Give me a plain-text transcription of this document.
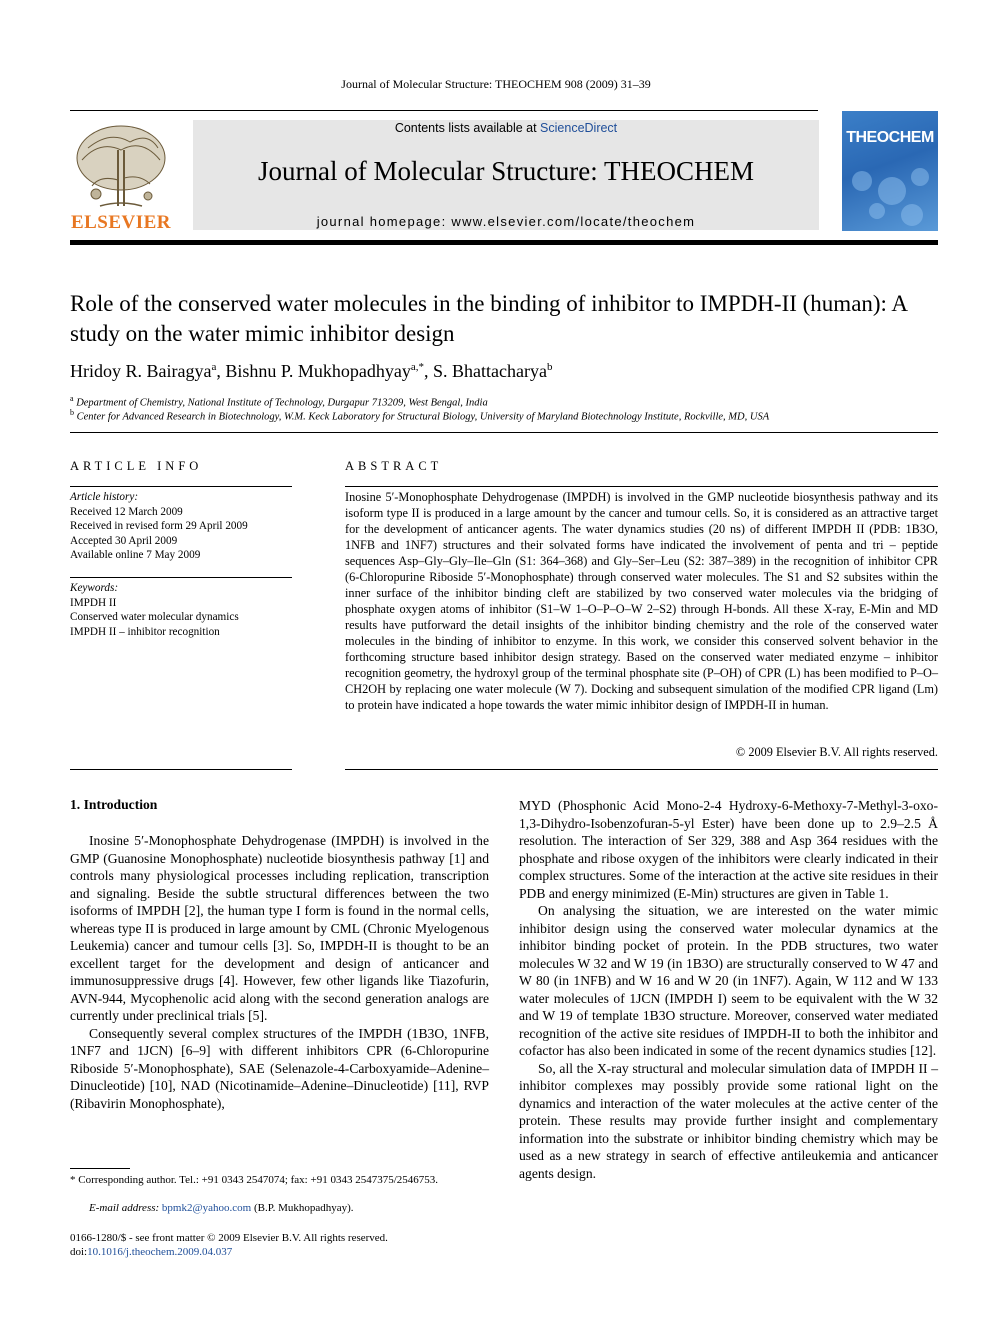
Journal of Molecular Structure: THEOCHEM 908 (2009) 31–39
ELSEVIER
Contents lists available at ScienceDirect
Journal of Molecular Structure: THEOCHEM
journal homepage: www.elsevier.com/locate/theochem
THEOCHEM
Role of the conserved water molecules in the binding of inhibitor to IMPDH-II (human): A study on the water mimic inhibitor design
Hridoy R. Bairagya$^a$, Bishnu P. Mukhopadhyay$^{a,*}$, S. Bhattacharya$^b$
$^a$ Department of Chemistry, National Institute of Technology, Durgapur 713209, West Bengal, India
$^b$ Center for Advanced Research in Biotechnology, W.M. Keck Laboratory for Structural Biology, University of Maryland Biotechnology Institute, Rockville, MD, USA
ARTICLE INFO
Article history:
Received 12 March 2009
Received in revised form 29 April 2009
Accepted 30 April 2009
Available online 7 May 2009
Keywords:
IMPDH II
Conserved water molecular dynamics
IMPDH II – inhibitor recognition
ABSTRACT
Inosine 5′-Monophosphate Dehydrogenase (IMPDH) is involved in the GMP nucleotide biosynthesis pathway and its isoform type II is produced in a large amount by the cancer and tumour cells. So, it is considered as an attractive target for the development of anticancer agents. The water dynamics studies (20 ns) of different IMPDH II (PDB: 1B3O, 1NFB and 1NF7) structures and their solvated forms have indicated the involvement of penta and tri – peptide sequences Asp–Gly–Gly–Ile–Gln (S1: 364–368) and Gly–Ser–Leu (S2: 387–389) in the recognition of inhibitor CPR (6-Chloropurine Riboside 5′-Monophosphate) through conserved water molecules. The S1 and S2 subsites within the inner surface of the inhibitor binding cleft are stabilized by two conserved water molecules via the bridging of phosphate oxygen atoms of inhibitor (S1–W 1–O–P–O–W 2–S2) through H-bonds. All these X-ray, E-Min and MD results have putforward the detail insights of the inhibitor binding chemistry and the role of the conserved water molecules in the binding of inhibitor to enzyme. In this work, we consider this conserved solvent behavior in the forthcoming structure based inhibitor design strategy. Based on the conserved water mediated enzyme – inhibitor recognition geometry, the hydroxyl group of the terminal phosphate site (P–OH) of CPR (L) has been modified to P–O–CH2OH by replacing one water molecule (W 7). Docking and subsequent simulation of the modified CPR ligand (Lm) to protein have indicated a hope towards the water mimic inhibitor design of IMPDH-II in human.
© 2009 Elsevier B.V. All rights reserved.
1. Introduction

Inosine 5′-Monophosphate Dehydrogenase (IMPDH) is involved in the GMP (Guanosine Monophosphate) nucleotide biosynthesis pathway [1] and controls many physiological processes including replication, transcription and signaling. Beside the subtle structural differences between the two isoforms of IMPDH [2], the human type I form is found in the normal cells, whereas type II is produced in large amount by CML (Chronic Myelogenous Leukemia) cancer and tumour cells [3]. So, IMPDH-II is thought to be an excellent target for the development and design of anticancer and immunosuppressive drugs [4]. However, few other ligands like Tiazofurin, AVN-944, Mycophenolic acid along with the second generation analogs are currently under preclinical trials [5].

Consequently several complex structures of the IMPDH (1B3O, 1NFB, 1NF7 and 1JCN) [6–9] with different inhibitors CPR (6-Chloropurine Riboside 5′-Monophosphate), SAE (Selenazole-4-Carboxyamide–Adenine–Dinucleotide) [10], NAD (Nicotinamide–Adenine–Dinucleotide) [11], RVP (Ribavirin Monophosphate),

MYD (Phosphonic Acid Mono-2-4 Hydroxy-6-Methoxy-7-Methyl-3-oxo-1,3-Dihydro-Isobenzofuran-5-yl Ester) have been done up to 2.9–2.5 Å resolution. The interaction of Ser 329, 388 and Asp 364 residues with the phosphate and ribose oxygen of the inhibitors were clearly indicated in their complex structures. Some of the interaction at the active site residues in their PDB and energy minimized (E-Min) structures are given in Table 1.

On analysing the situation, we are interested on the water mimic inhibitor design using the conserved water molecular dynamics at the inhibitor binding pocket of protein. In the PDB structures, two water molecules W 32 and W 19 (in 1B3O) are structurally conserved to W 47 and W 80 (in 1NFB) and W 16 and W 20 (in 1NF7). Again, W 112 and W 133 water molecules of 1JCN (IMPDH I) seem to be equivalent with the W 32 and W 19 of template 1B3O structure. Moreover, conserved water mediated recognition of the active site residues of IMPDH-II to both the inhibitor and cofactor has also been indicated in some of the recent dynamics studies [12].

So, all the X-ray structural and molecular simulation data of IMPDH II – inhibitor complexes may possibly provide some rational light on the dynamics and interaction of the water molecules at the active center of the protein. These results may provide further insight and complementary information into the substrate or inhibitor binding chemistry which may be used as a new strategy in search of effective antileukemia and anticancer agents design.

* Corresponding author. Tel.: +91 0343 2547074; fax: +91 0343 2547375/2546753.
E-mail address: bpmk2@yahoo.com (B.P. Mukhopadhyay).
0166-1280/$ - see front matter © 2009 Elsevier B.V. All rights reserved.
doi:10.1016/j.theochem.2009.04.037
